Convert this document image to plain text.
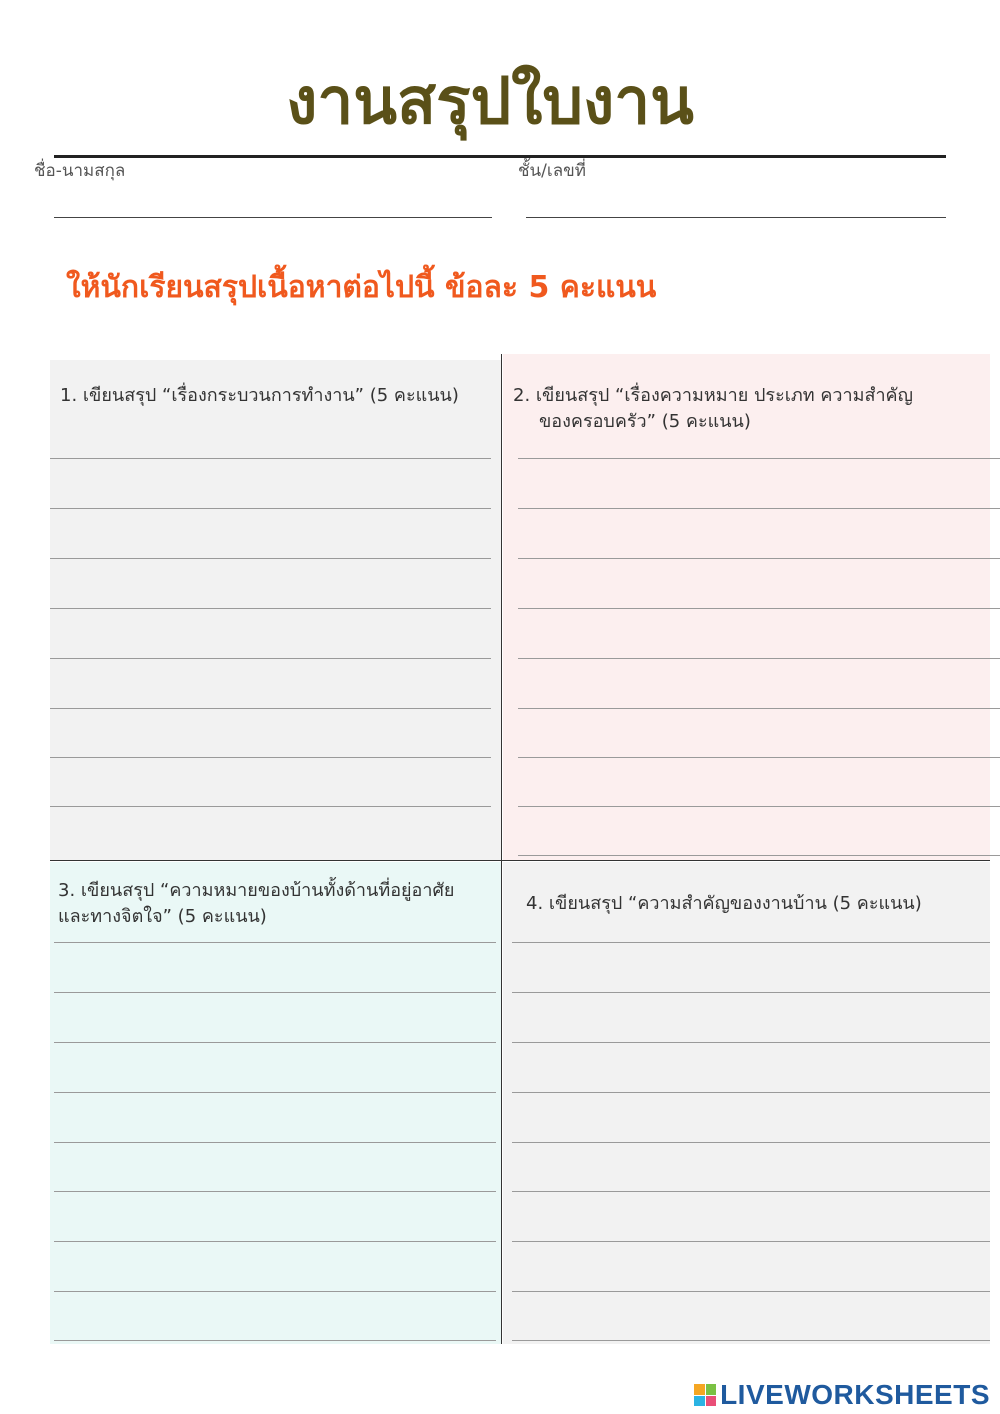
งานสรุปใบงาน
ชื่อ-นามสกุล	ชั้น/เลขที่
ให้นักเรียนสรุปเนื้อหาต่อไปนี้ ข้อละ 5 คะแนน
1. เขียนสรุป “เรื่องกระบวนการทำงาน” (5 คะแนน)	2. เขียนสรุป “เรื่องความหมาย ประเภท ความสำคัญ
ของครอบครัว” (5 คะแนน)
3. เขียนสรุป “ความหมายของบ้านทั้งด้านที่อยู่อาศัย
และทางจิตใจ” (5 คะแนน)
4. เขียนสรุป “ความสำคัญของงานบ้าน (5 คะแนน)
LIVEWORKSHEETS
